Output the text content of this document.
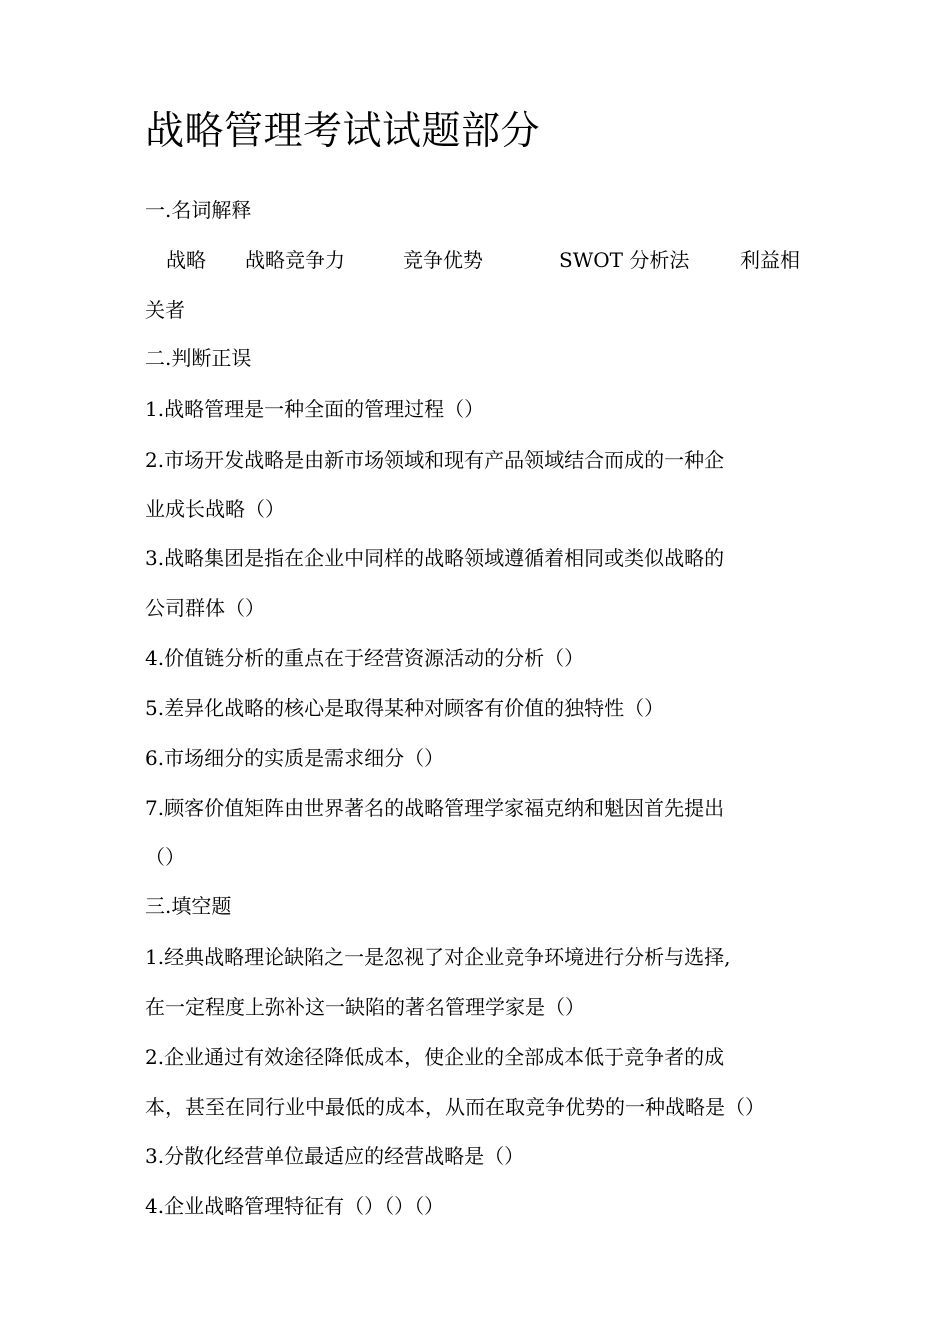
战略管理考试试题部分
一.名词解释
战略 战略竞争力	竞争优势	SWOT 分析法	利益相
关者
二.判断正误
1.战略管理是一种全面的管理过程（）
2.市场开发战略是由新市场领域和现有产品领域结合而成的一种企
业成长战略（）
3.战略集团是指在企业中同样的战略领域遵循着相同或类似战略的
公司群体（）
4.价值链分析的重点在于经营资源活动的分析（）
5.差异化战略的核心是取得某种对顾客有价值的独特性（）
6.市场细分的实质是需求细分（）
7.顾客价值矩阵由世界著名的战略管理学家福克纳和魁因首先提出
（）
三.填空题
1.经典战略理论缺陷之一是忽视了对企业竞争环境进行分析与选择,
在一定程度上弥补这一缺陷的著名管理学家是（）
2.企业通过有效途径降低成本，使企业的全部成本低于竞争者的成
本，甚至在同行业中最低的成本，从而在取竞争优势的一种战略是（）
3.分散化经营单位最适应的经营战略是（）
4.企业战略管理特征有（）（）（）
